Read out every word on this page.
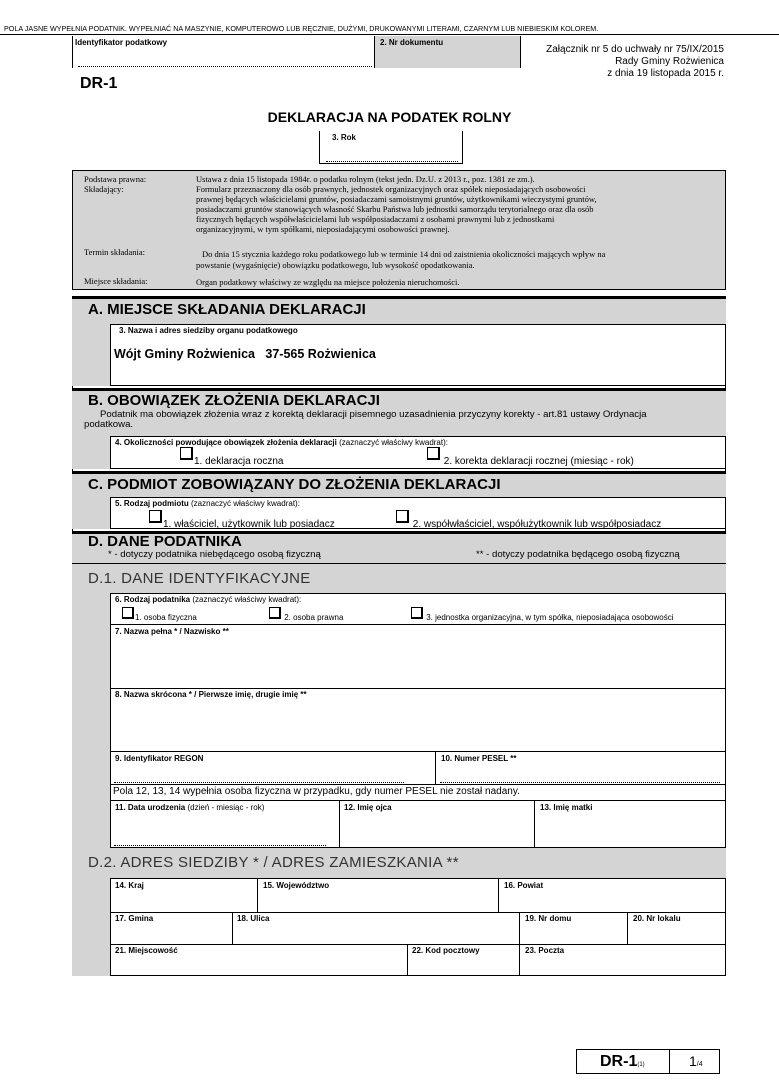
POLA JASNE WYPEŁNIA PODATNIK. WYPEŁNIAĆ NA MASZYNIE, KOMPUTEROWO LUB RĘCZNIE, DUŻYMI, DRUKOWANYMI LITERAMI, CZARNYM LUB NIEBIESKIM KOLOREM.
Identyfikator podatkowy	2. Nr dokumentu
Załącznik nr 5 do uchwały nr 75/IX/2015
Rady Gminy Rożwienica
z dnia 19 listopada 2015 r.
DR-1
DEKLARACJA NA PODATEK ROLNY
3. Rok
Podstawa prawna:	Ustawa z dnia 15 listopada 1984r. o podatku rolnym (tekst jedn. Dz.U. z 2013 r., poz. 1381 ze zm.).
Składający:	Formularz przeznaczony dla osób prawnych, jednostek organizacyjnych oraz spółek nieposiadających osobowości
prawnej będących właścicielami gruntów, posiadaczami samoistnymi gruntów, użytkownikami wieczystymi gruntów,
posiadaczami gruntów stanowiących własność Skarbu Państwa lub jednostki samorządu terytorialnego oraz dla osób
fizycznych będących współwłaścicielami lub współposiadaczami z osobami prawnymi lub z jednostkami
organizacyjnymi, w tym spółkami, nieposiadającymi osobowości prawnej.
Termin składania:	Do dnia 15 stycznia każdego roku podatkowego lub w terminie 14 dni od zaistnienia okoliczności mających wpływ na
powstanie (wygaśnięcie) obowiązku podatkowego, lub wysokość opodatkowania.
Miejsce składania:	Organ podatkowy właściwy ze względu na miejsce położenia nieruchomości.
A. MIEJSCE SKŁADANIA DEKLARACJI
3. Nazwa i adres siedziby organu podatkowego
Wójt Gminy Rożwienica   37-565 Rożwienica
B. OBOWIĄZEK ZŁOŻENIA DEKLARACJI
Podatnik ma obowiązek złożenia wraz z korektą deklaracji pisemnego uzasadnienia przyczyny korekty - art.81 ustawy Ordynacja
podatkowa.
4. Okoliczności powodujące obowiązek złożenia deklaracji (zaznaczyć właściwy kwadrat):
1. deklaracja roczna	2. korekta deklaracji rocznej (miesiąc - rok)
C. PODMIOT ZOBOWIĄZANY DO ZŁOŻENIA DEKLARACJI
5. Rodzaj podmiotu (zaznaczyć właściwy kwadrat):
1. właściciel, użytkownik lub posiadacz	2. współwłaściciel, współużytkownik lub współposiadacz
D. DANE PODATNIKA
* - dotyczy podatnika niebędącego osobą fizyczną	** - dotyczy podatnika będącego osobą fizyczną
D.1. DANE IDENTYFIKACYJNE
6. Rodzaj podatnika (zaznaczyć właściwy kwadrat):
1. osoba fizyczna	2. osoba prawna	3. jednostka organizacyjna, w tym spółka, nieposiadająca osobowości
7. Nazwa pełna * / Nazwisko **
8. Nazwa skrócona * / Pierwsze imię, drugie imię **
9. Identyfikator REGON	10. Numer PESEL **
Pola 12, 13, 14 wypełnia osoba fizyczna w przypadku, gdy numer PESEL nie został nadany.
11. Data urodzenia (dzień - miesiąc - rok)	12. Imię ojca	13. Imię matki
D.2. ADRES SIEDZIBY * / ADRES ZAMIESZKANIA **
14. Kraj	15. Województwo	16. Powiat
17. Gmina	18. Ulica	19. Nr domu	20. Nr lokalu
21. Miejscowość	22. Kod pocztowy	23. Poczta
DR-1(1)	1/4
